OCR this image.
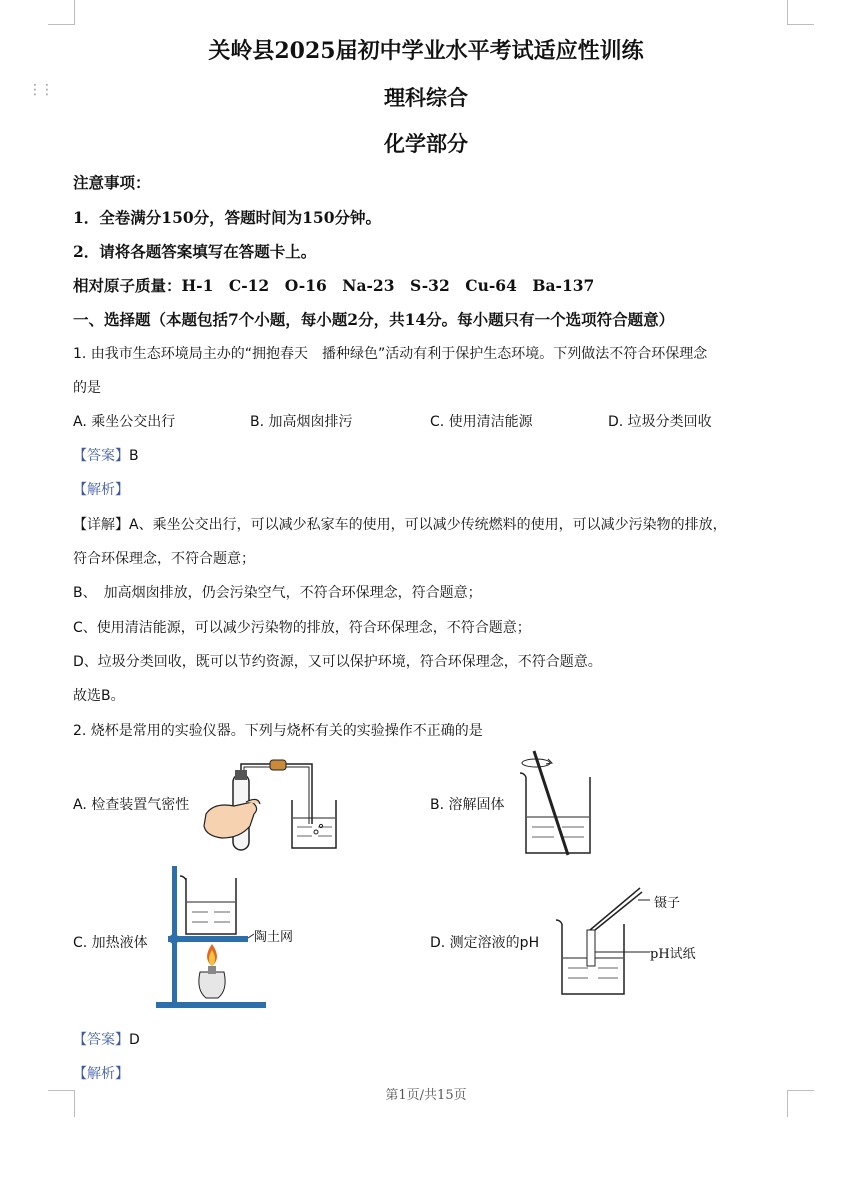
⋮⋮
关岭县2025届初中学业水平考试适应性训练
理科综合
化学部分
注意事项：
1．全卷满分150分，答题时间为150分钟。
2．请将各题答案填写在答题卡上。
相对原子质量：H-1　C-12　O-16　Na-23　S-32　Cu-64　Ba-137
一、选择题（本题包括7个小题，每小题2分，共14分。每小题只有一个选项符合题意）
1. 由我市生态环境局主办的“拥抱春天　播种绿色”活动有利于保护生态环境。下列做法不符合环保理念
的是
A. 乘坐公交出行	B. 加高烟囱排污	C. 使用清洁能源	D. 垃圾分类回收
【答案】B
【解析】
【详解】A、乘坐公交出行，可以减少私家车的使用，可以减少传统燃料的使用，可以减少污染物的排放，
符合环保理念，不符合题意；
B、　加高烟囱排放，仍会污染空气，不符合环保理念，符合题意；
C、使用清洁能源，可以减少污染物的排放，符合环保理念，不符合题意；
D、垃圾分类回收，既可以节约资源，又可以保护环境，符合环保理念，不符合题意。
故选B。
2. 烧杯是常用的实验仪器。下列与烧杯有关的实验操作不正确的是
A. 检查装置气密性	B. 溶解固体
C. 加热液体	D. 测定溶液的pH
陶土网
镊子
pH试纸
【答案】D
【解析】
第1页/共15页
